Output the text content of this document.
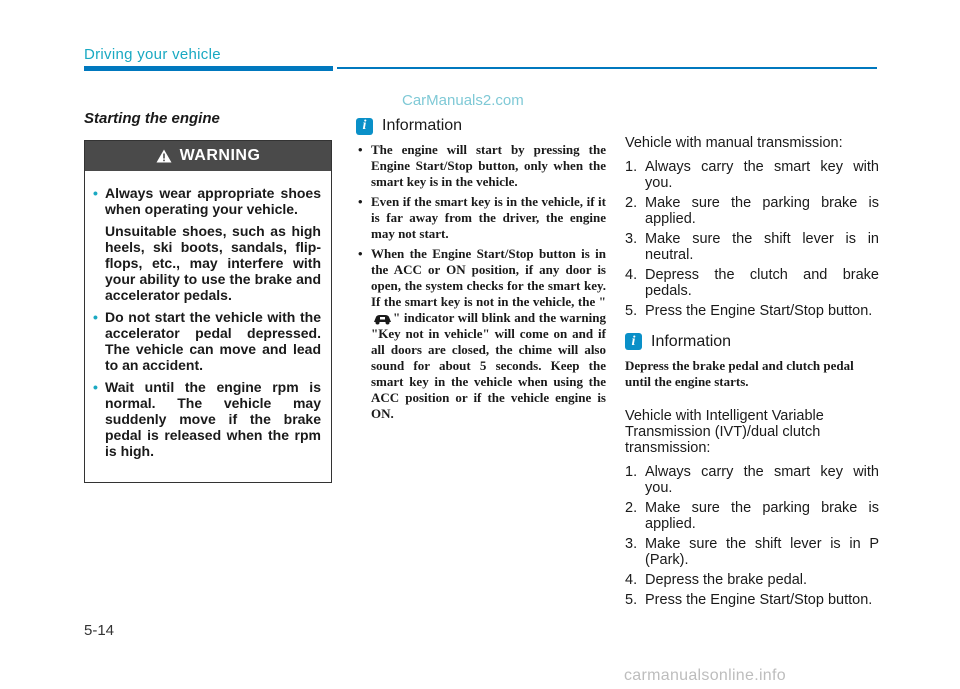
Driving your vehicle
CarManuals2.com
Starting the engine
WARNING
• Always wear appropriate shoes when operating your vehicle.

Unsuitable shoes, such as high heels, ski boots, sandals, flip-flops, etc., may interfere with your ability to use the brake and accelerator pedals.

• Do not start the vehicle with the accelerator pedal depressed. The vehicle can move and lead to an accident.

• Wait until the engine rpm is normal. The vehicle may suddenly move if the brake pedal is released when the rpm is high.

i Information
• The engine will start by pressing the Engine Start/Stop button, only when the smart key is in the vehicle.
• Even if the smart key is in the vehicle, if it is far away from the driver, the engine may not start.
• When the Engine Start/Stop button is in the ACC or ON position, if any door is open, the system checks for the smart key. If the smart key is not in the vehicle, the "" indicator will blink and the warning "Key not in vehicle" will come on and if all doors are closed, the chime will also sound for about 5 seconds. Keep the smart key in the vehicle when using the ACC position or if the vehicle engine is ON.

Vehicle with manual transmission:

1. Always carry the smart key with you.
2. Make sure the parking brake is applied.
3. Make sure the shift lever is in neutral.
4. Depress the clutch and brake pedals.
5. Press the Engine Start/Stop button.
i Information

Depress the brake pedal and clutch pedal until the engine starts.

Vehicle with Intelligent Variable Transmission (IVT)/dual clutch transmission:

1. Always carry the smart key with you.
2. Make sure the parking brake is applied.
3. Make sure the shift lever is in P (Park).
4. Depress the brake pedal.
5. Press the Engine Start/Stop button.
5-14
carmanualsonline.info
